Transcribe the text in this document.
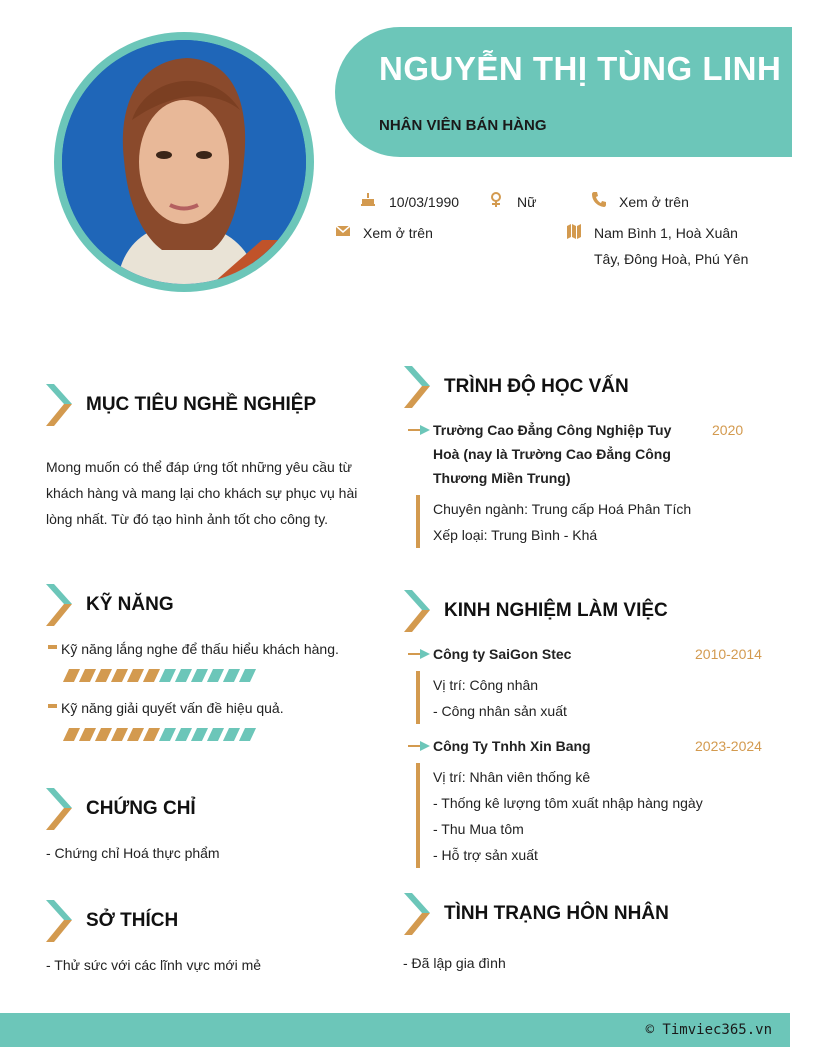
NGUYỄN THỊ TÙNG LINH
NHÂN VIÊN BÁN HÀNG
10/03/1990	Nữ	Xem ở trên
Xem ở trên	Nam Bình 1, Hoà Xuân
Tây, Đông Hoà, Phú Yên
MỤC TIÊU NGHỀ NGHIỆP
Mong muốn có thể đáp ứng tốt những yêu cầu từ
khách hàng và mang lại cho khách sự phục vụ hài
lòng nhất. Từ đó tạo hình ảnh tốt cho công ty.
KỸ NĂNG
Kỹ năng lắng nghe để thấu hiểu khách hàng.
Kỹ năng giải quyết vấn đề hiệu quả.
CHỨNG CHỈ
- Chứng chỉ Hoá thực phẩm
SỞ THÍCH
- Thử sức với các lĩnh vực mới mẻ
TRÌNH ĐỘ HỌC VẤN
Trường Cao Đẳng Công Nghiệp Tuy
Hoà (nay là Trường Cao Đẳng Công
Thương Miền Trung)
2020
Chuyên ngành: Trung cấp Hoá Phân Tích
Xếp loại: Trung Bình - Khá
KINH NGHIỆM LÀM VIỆC
Công ty SaiGon Stec	2010-2014
Vị trí: Công nhân
- Công nhân sản xuất
Công Ty Tnhh Xin Bang	2023-2024
Vị trí: Nhân viên thống kê
- Thống kê lượng tôm xuất nhập hàng ngày
- Thu Mua tôm
- Hỗ trợ sản xuất
TÌNH TRẠNG HÔN NHÂN
- Đã lập gia đình
© Timviec365.vn
